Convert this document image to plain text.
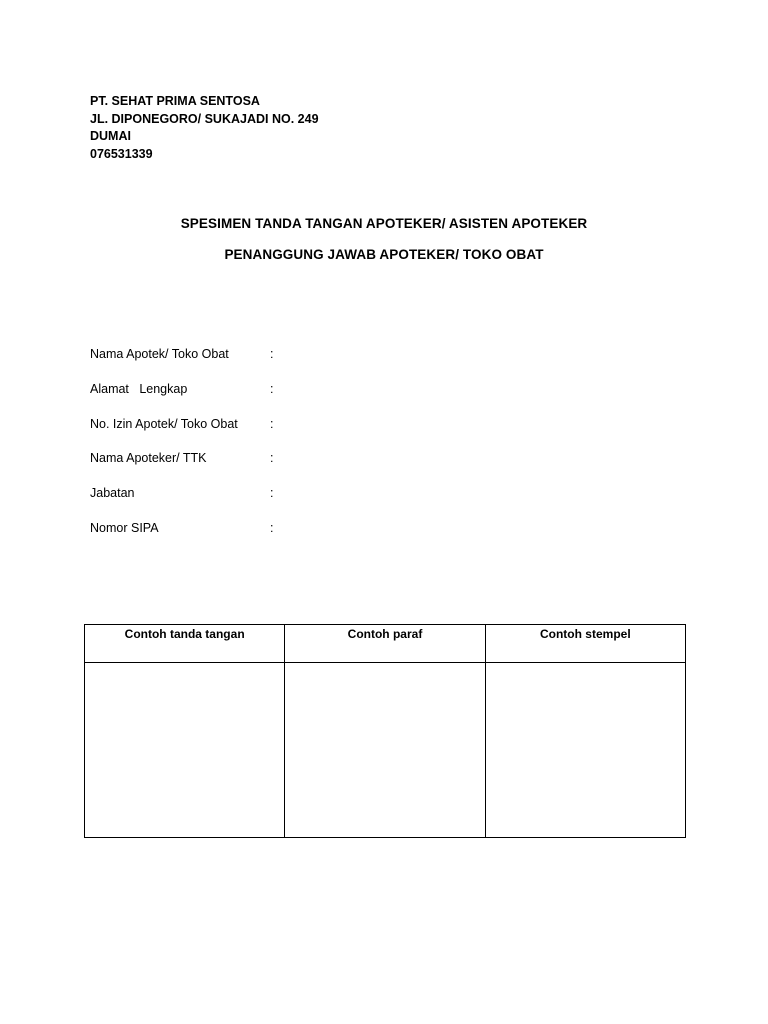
PT. SEHAT PRIMA SENTOSA
JL. DIPONEGORO/ SUKAJADI NO. 249
DUMAI
076531339
SPESIMEN TANDA TANGAN APOTEKER/ ASISTEN APOTEKER
PENANGGUNG JAWAB APOTEKER/ TOKO OBAT
Nama Apotek/ Toko Obat	:
Alamat   Lengkap	:
No. Izin Apotek/ Toko Obat	:
Nama Apoteker/ TTK	:
Jabatan	:
Nomor SIPA	:
Contoh tanda tangan	Contoh paraf	Contoh stempel
